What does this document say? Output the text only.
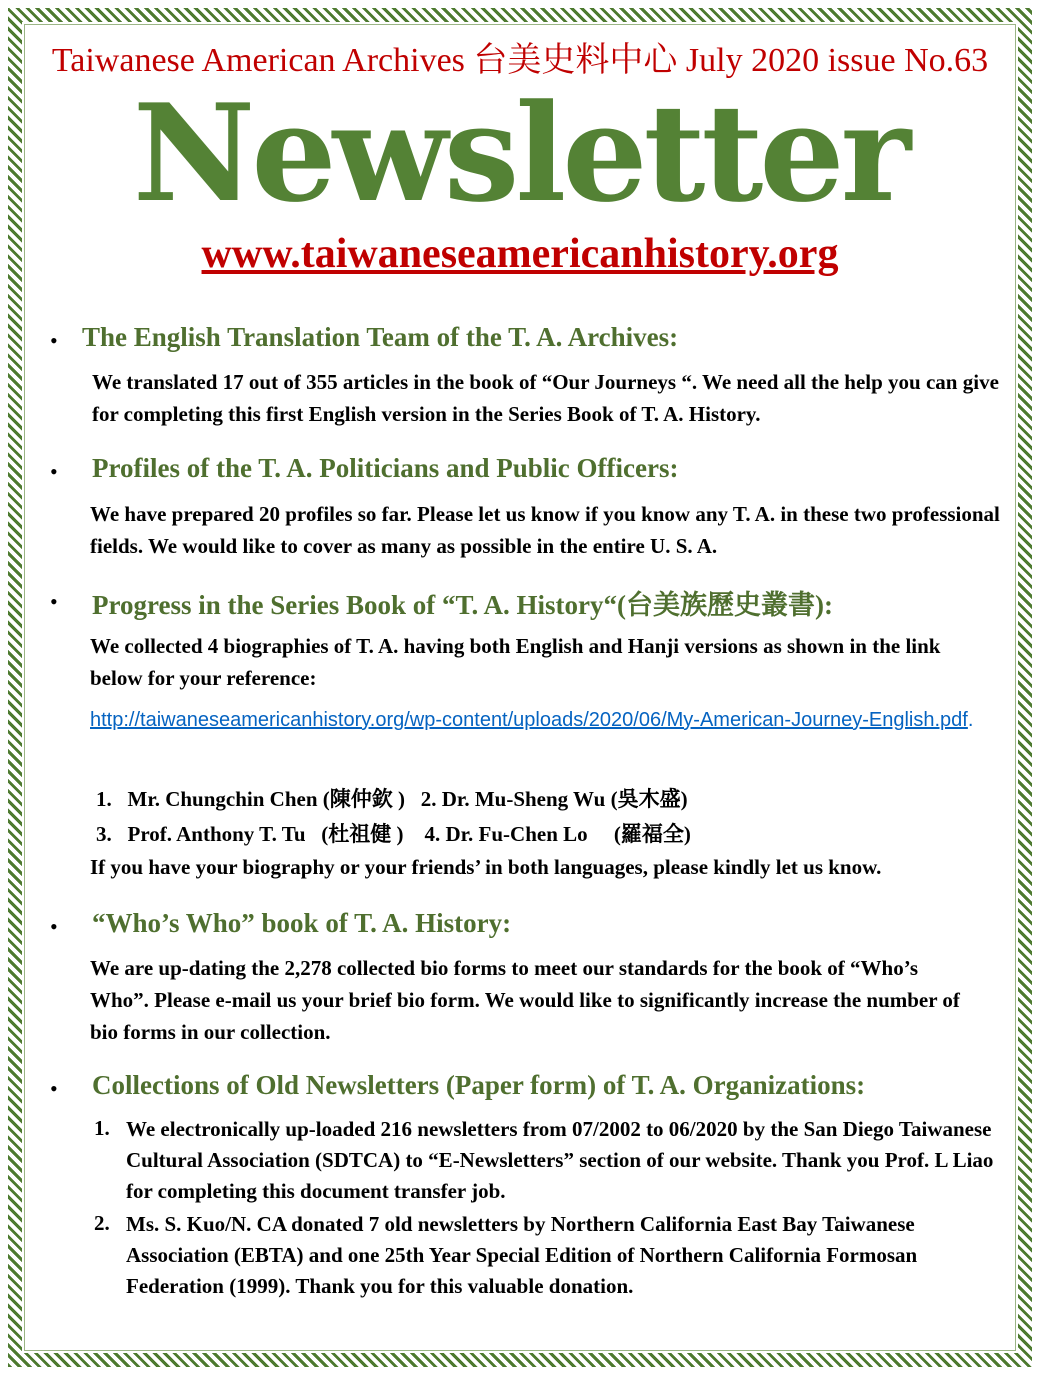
Taiwanese American Archives 台美史料中心 July 2020 issue No.63
Newsletter
www.taiwaneseamericanhistory.org
• The English Translation Team of the T. A. Archives:
We translated 17 out of 355 articles in the book of “Our Journeys “. We need all the help you can give for completing this first English version in the Series Book of T. A. History.
• Profiles of the T. A. Politicians and Public Officers:
We have prepared 20 profiles so far. Please let us know if you know any T. A. in these two professional fields. We would like to cover as many as possible in the entire U. S. A.
• Progress in the Series Book of “T. A. History“(台美族歷史叢書):
We collected 4 biographies of T. A. having both English and Hanji versions as shown in the link below for your reference:
http://taiwaneseamericanhistory.org/wp-content/uploads/2020/06/My-American-Journey-English.pdf.
1.   Mr. Chungchin Chen (陳仲欽 )   2. Dr. Mu-Sheng Wu (吳木盛)
3.   Prof. Anthony T. Tu   (杜祖健 )    4. Dr. Fu-Chen Lo     (羅福全)
If you have your biography or your friends’ in both languages, please kindly let us know.
• “Who’s Who” book of T. A. History:
We are up-dating the 2,278 collected bio forms to meet our standards for the book of “Who’s Who”. Please e-mail us your brief bio form. We would like to significantly increase the number of bio forms in our collection.
• Collections of Old Newsletters (Paper form) of T. A. Organizations:
1. We electronically up-loaded 216 newsletters from 07/2002 to 06/2020 by the San Diego Taiwanese Cultural Association (SDTCA) to “E-Newsletters” section of our website. Thank you Prof. L Liao for completing this document transfer job.
2. Ms. S. Kuo/N. CA donated 7 old newsletters by Northern California East Bay Taiwanese Association (EBTA) and one 25th Year Special Edition of Northern California Formosan Federation (1999). Thank you for this valuable donation.
